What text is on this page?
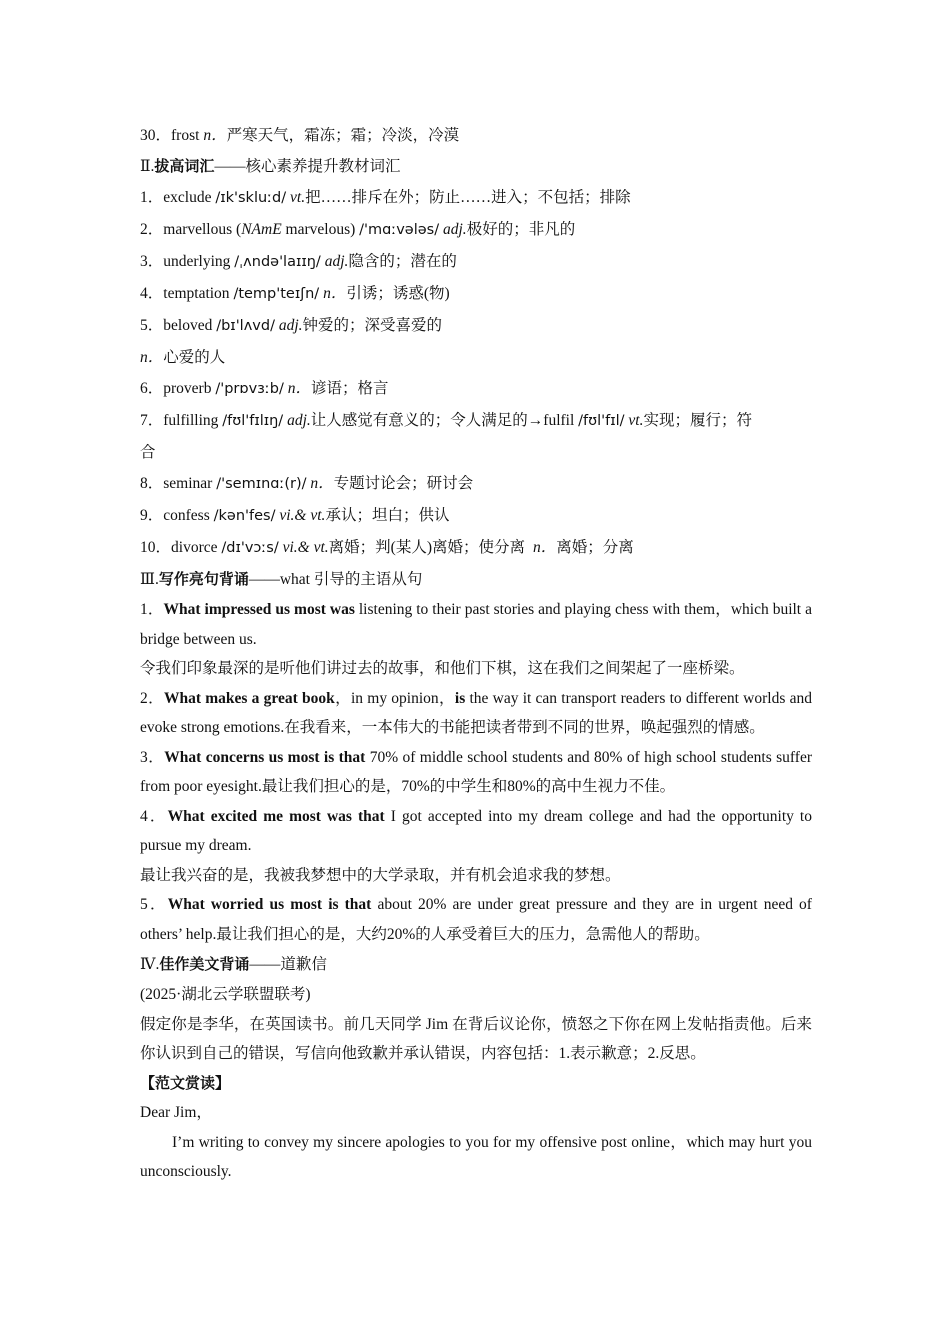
30．frost n．严寒天气，霜冻；霜；冷淡，冷漠
Ⅱ.拔高词汇——核心素养提升教材词汇
1．exclude /ɪk'skluːd/ vt.把……排斥在外；防止……进入；不包括；排除
2．marvellous (NAmE marvelous) /'mɑːvələs/ adj.极好的；非凡的
3．underlying /ˌʌndə'laɪɪŋ/ adj.隐含的；潜在的
4．temptation /temp'teɪʃn/ n．引诱；诱惑(物)
5．beloved /bɪ'lʌvd/ adj.钟爱的；深受喜爱的
n．心爱的人
6．proverb /'prɒvɜːb/ n．谚语；格言
7．fulfilling /fʊl'fɪlɪŋ/ adj.让人感觉有意义的；令人满足的→fulfil /fʊl'fɪl/ vt.实现；履行；符
合
8．seminar /'semɪnɑː(r)/ n．专题讨论会；研讨会
9．confess /kən'fes/ vi.& vt.承认；坦白；供认
10．divorce /dɪ'vɔːs/ vi.& vt.离婚；判(某人)离婚；使分离 n．离婚；分离
Ⅲ.写作亮句背诵——what 引导的主语从句
1．What impressed us most was listening to their past stories and playing chess with them，which built a bridge between us.
令我们印象最深的是听他们讲过去的故事，和他们下棋，这在我们之间架起了一座桥梁。
2．What makes a great book，in my opinion，is the way it can transport readers to different worlds and evoke strong emotions.在我看来，一本伟大的书能把读者带到不同的世界，唤起强烈的情感。
3．What concerns us most is that 70% of middle school students and 80% of high school students suffer from poor eyesight.最让我们担心的是，70%的中学生和80%的高中生视力不佳。
4．What excited me most was that I got accepted into my dream college and had the opportunity to pursue my dream.
最让我兴奋的是，我被我梦想中的大学录取，并有机会追求我的梦想。
5．What worried us most is that about 20% are under great pressure and they are in urgent need of others’ help.最让我们担心的是，大约20%的人承受着巨大的压力，急需他人的帮助。
Ⅳ.佳作美文背诵——道歉信
(2025·湖北云学联盟联考)
假定你是李华，在英国读书。前几天同学 Jim 在背后议论你，愤怒之下你在网上发帖指责他。后来你认识到自己的错误，写信向他致歉并承认错误，内容包括：1.表示歉意；2.反思。
【范文赏读】
Dear Jim，
I’m writing to convey my sincere apologies to you for my offensive post online，which may hurt you unconsciously.
